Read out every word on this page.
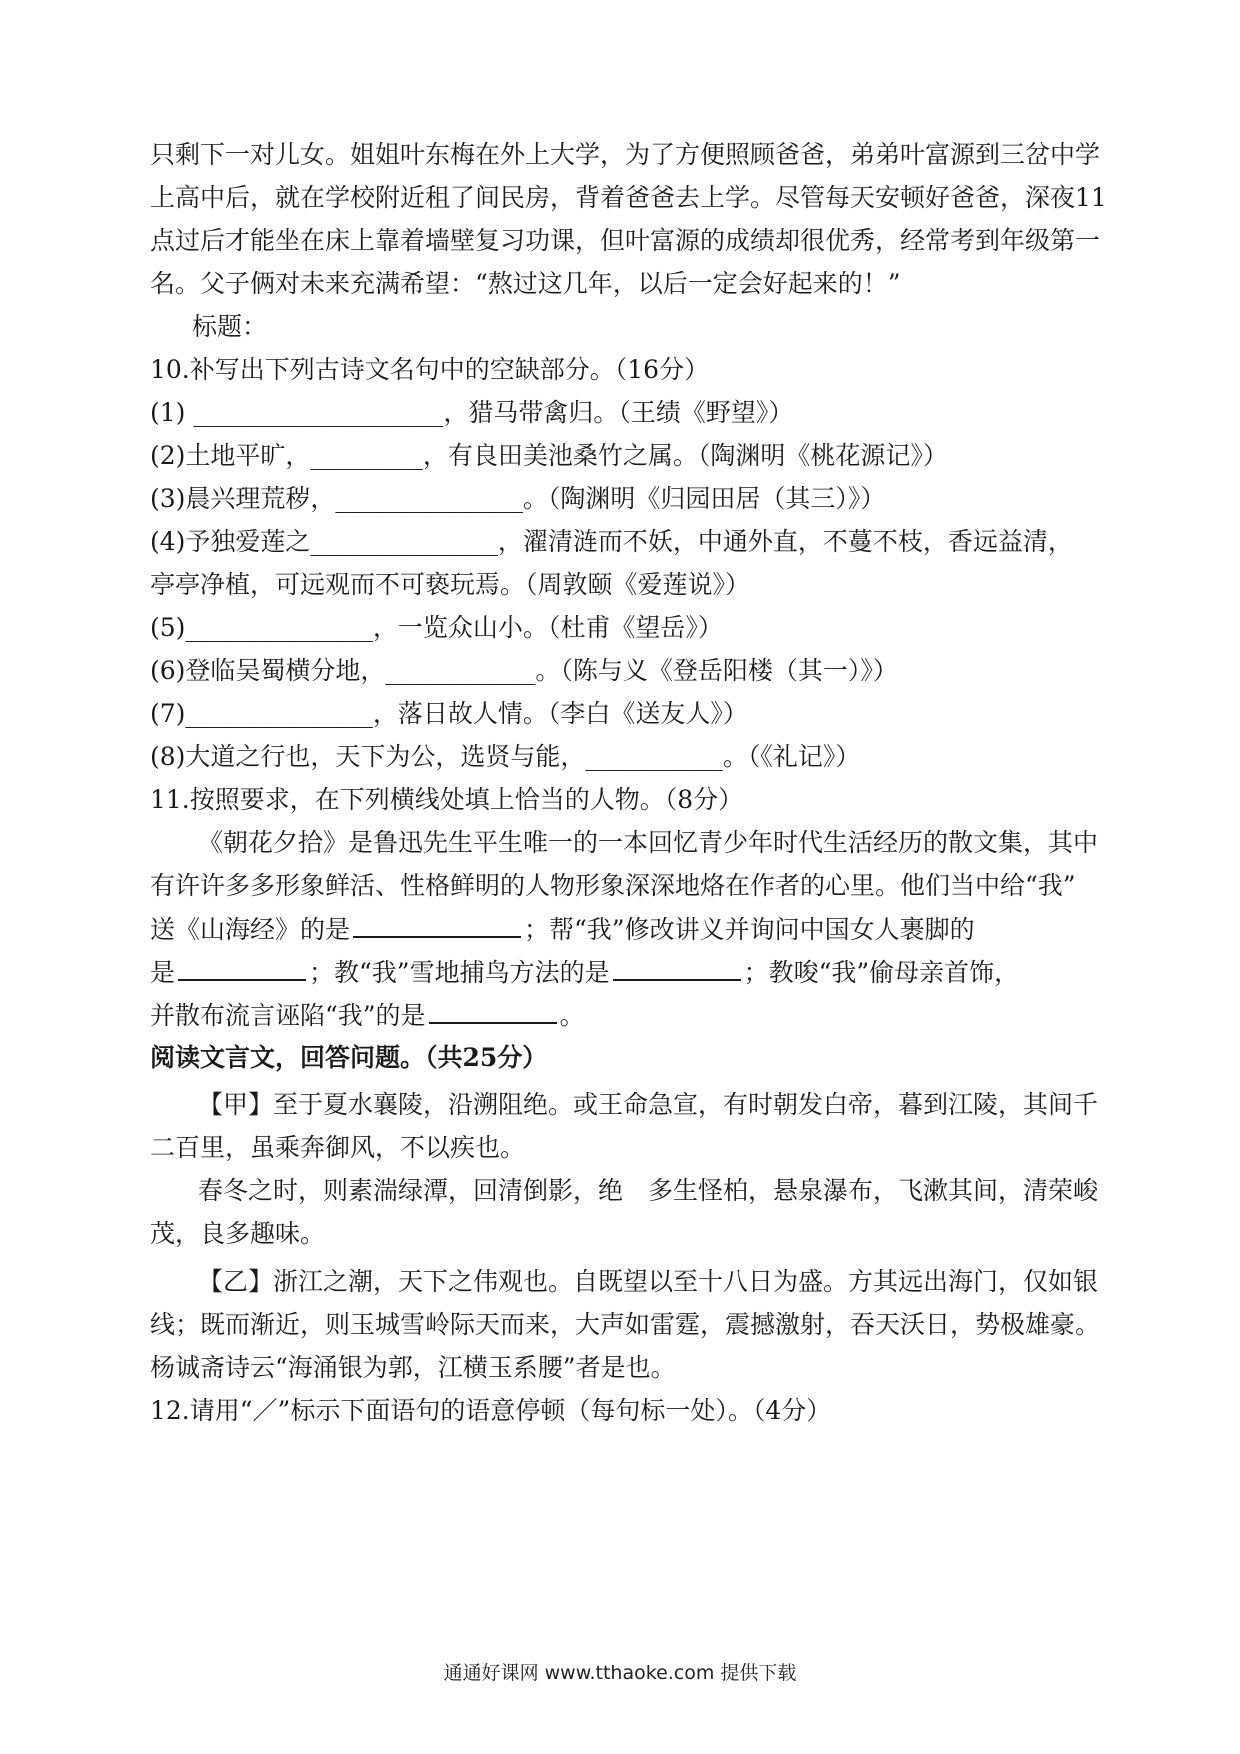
只剩下一对儿女。姐姐叶东梅在外上大学，为了方便照顾爸爸，弟弟叶富源到三岔中学
上高中后，就在学校附近租了间民房，背着爸爸去上学。尽管每天安顿好爸爸，深夜11
点过后才能坐在床上靠着墙壁复习功课，但叶富源的成绩却很优秀，经常考到年级第一
名。父子俩对未来充满希望：“熬过这几年，以后一定会好起来的！”
标题：
10.补写出下列古诗文名句中的空缺部分。（16分）
(1) ____________________，猎马带禽归。（王绩《野望》）
(2)土地平旷，_________，有良田美池桑竹之属。（陶渊明《桃花源记》）
(3)晨兴理荒秽，_______________。（陶渊明《归园田居（其三）》）
(4)予独爱莲之_______________，濯清涟而不妖，中通外直，不蔓不枝，香远益清，
亭亭净植，可远观而不可亵玩焉。（周敦颐《爱莲说》）
(5)_______________，一览众山小。（杜甫《望岳》）
(6)登临吴蜀横分地，____________。（陈与义《登岳阳楼（其一）》）
(7)_______________，落日故人情。（李白《送友人》）
(8)大道之行也，天下为公，选贤与能，___________。（《礼记》）
11.按照要求，在下列横线处填上恰当的人物。（8分）
《朝花夕拾》是鲁迅先生平生唯一的一本回忆青少年时代生活经历的散文集，其中
有许许多多形象鲜活、性格鲜明的人物形象深深地烙在作者的心里。他们当中给“我”
送《山海经》的是	；帮“我”修改讲义并询问中国女人裹脚的
是	；教“我”雪地捕鸟方法的是	；教唆“我”偷母亲首饰，
并散布流言诬陷“我”的是	。
阅读文言文，回答问题。（共25分）
【甲】至于夏水襄陵，沿溯阻绝。或王命急宣，有时朝发白帝，暮到江陵，其间千
二百里，虽乘奔御风，不以疾也。
春冬之时，则素湍绿潭，回清倒影，绝　多生怪柏，悬泉瀑布，飞漱其间，清荣峻
茂，良多趣味。
【乙】浙江之潮，天下之伟观也。自既望以至十八日为盛。方其远出海门，仅如银
线；既而渐近，则玉城雪岭际天而来，大声如雷霆，震撼激射，吞天沃日，势极雄豪。
杨诚斋诗云“海涌银为郭，江横玉系腰”者是也。
12.请用“／”标示下面语句的语意停顿（每句标一处）。（4分）
通通好课网 www.tthaoke.com 提供下载
